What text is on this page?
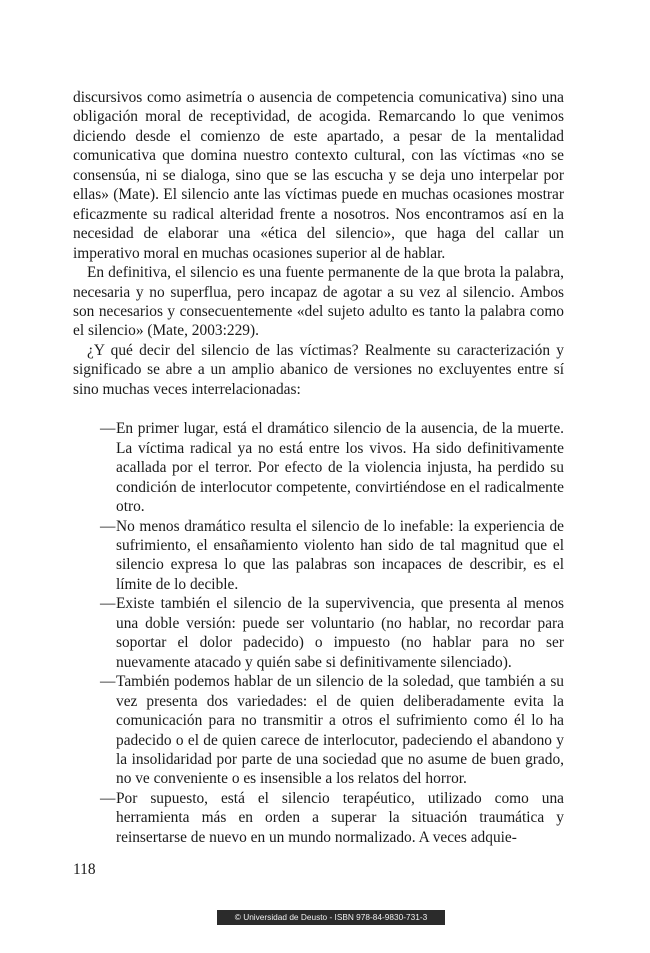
discursivos como asimetría o ausencia de competencia comunicativa) sino una obligación moral de receptividad, de acogida. Remarcando lo que venimos diciendo desde el comienzo de este apartado, a pesar de la mentalidad comunicativa que domina nuestro contexto cultural, con las víctimas «no se consensúa, ni se dialoga, sino que se las escucha y se deja uno interpelar por ellas» (Mate). El silencio ante las víctimas puede en muchas ocasiones mostrar eficazmente su radical alteridad frente a nosotros. Nos encontramos así en la necesidad de elaborar una «ética del silencio», que haga del callar un imperativo moral en muchas ocasiones superior al de hablar.

En definitiva, el silencio es una fuente permanente de la que brota la palabra, necesaria y no superflua, pero incapaz de agotar a su vez al silencio. Ambos son necesarios y consecuentemente «del sujeto adulto es tanto la palabra como el silencio» (Mate, 2003:229).

¿Y qué decir del silencio de las víctimas? Realmente su caracterización y significado se abre a un amplio abanico de versiones no excluyentes entre sí sino muchas veces interrelacionadas:

— En primer lugar, está el dramático silencio de la ausencia, de la muerte. La víctima radical ya no está entre los vivos. Ha sido definitivamente acallada por el terror. Por efecto de la violencia injusta, ha perdido su condición de interlocutor competente, convirtiéndose en el radicalmente otro.

— No menos dramático resulta el silencio de lo inefable: la experiencia de sufrimiento, el ensañamiento violento han sido de tal magnitud que el silencio expresa lo que las palabras son incapaces de describir, es el límite de lo decible.

— Existe también el silencio de la supervivencia, que presenta al menos una doble versión: puede ser voluntario (no hablar, no recordar para soportar el dolor padecido) o impuesto (no hablar para no ser nuevamente atacado y quién sabe si definitivamente silenciado).

— También podemos hablar de un silencio de la soledad, que también a su vez presenta dos variedades: el de quien deliberadamente evita la comunicación para no transmitir a otros el sufrimiento como él lo ha padecido o el de quien carece de interlocutor, padeciendo el abandono y la insolidaridad por parte de una sociedad que no asume de buen grado, no ve conveniente o es insensible a los relatos del horror.

— Por supuesto, está el silencio terapéutico, utilizado como una herramienta más en orden a superar la situación traumática y reinsertarse de nuevo en un mundo normalizado. A veces adquie-

118
© Universidad de Deusto - ISBN 978-84-9830-731-3
